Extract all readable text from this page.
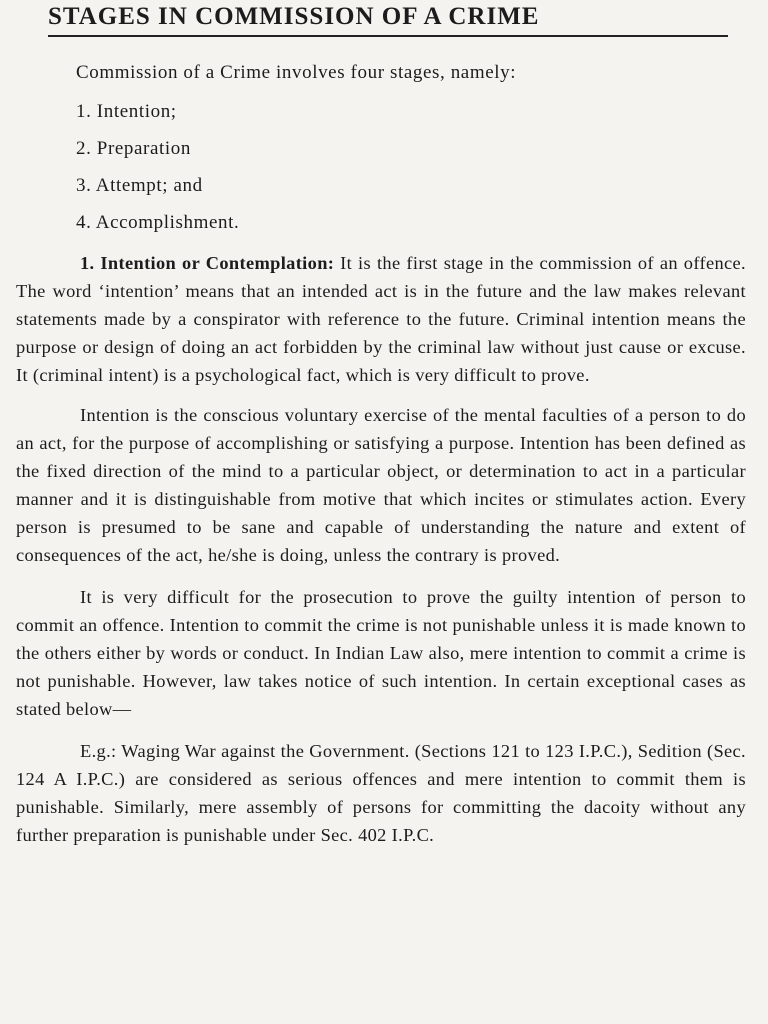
STAGES IN COMMISSION OF A CRIME
Commission of a Crime involves four stages, namely:
1. Intention;
2. Preparation
3. Attempt; and
4. Accomplishment.

1. Intention or Contemplation: It is the first stage in the commission of an offence. The word ‘intention’ means that an intended act is in the future and the law makes relevant statements made by a conspirator with reference to the future. Criminal intention means the purpose or design of doing an act forbidden by the criminal law without just cause or excuse. It (criminal intent) is a psychological fact, which is very difficult to prove.

Intention is the conscious voluntary exercise of the mental faculties of a person to do an act, for the purpose of accomplishing or satisfying a purpose. Intention has been defined as the fixed direction of the mind to a particular object, or determination to act in a particular manner and it is distinguishable from motive that which incites or stimulates action. Every person is presumed to be sane and capable of understanding the nature and extent of consequences of the act, he/she is doing, unless the contrary is proved.

It is very difficult for the prosecution to prove the guilty intention of person to commit an offence. Intention to commit the crime is not punishable unless it is made known to the others either by words or conduct. In Indian Law also, mere intention to commit a crime is not punishable. However, law takes notice of such intention. In certain exceptional cases as stated below—

E.g.: Waging War against the Government. (Sections 121 to 123 I.P.C.), Sedition (Sec. 124 A I.P.C.) are considered as serious offences and mere intention to commit them is punishable. Similarly, mere assembly of persons for committing the dacoity without any further preparation is punishable under Sec. 402 I.P.C.
